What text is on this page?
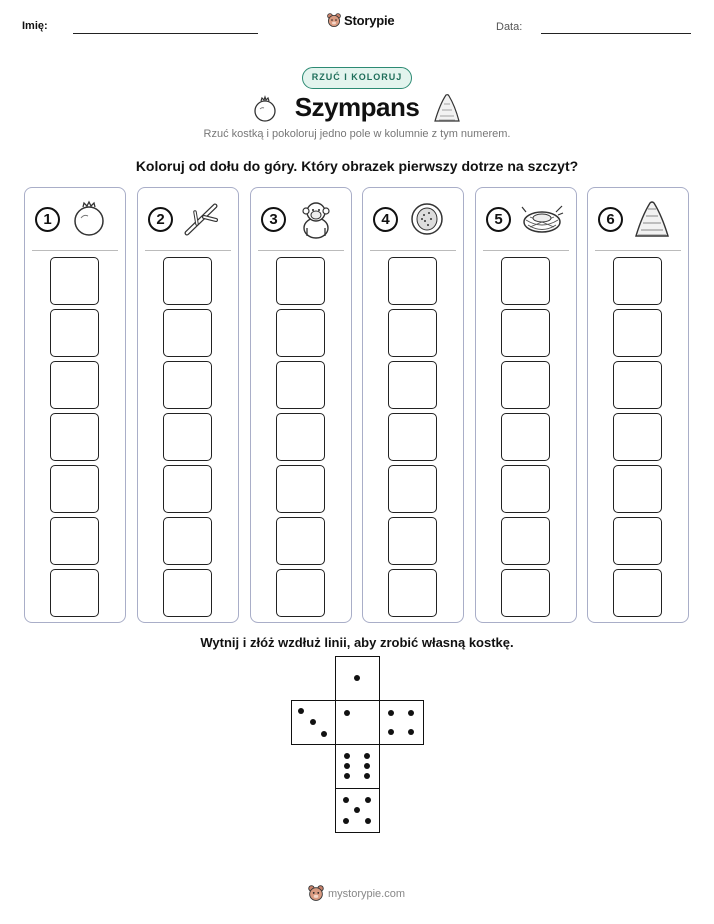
Imię:	Storypie	Data:
RZUĆ I KOLORUJ
Szympans
Rzuć kostką i pokoloruj jedno pole w kolumnie z tym numerem.
Koloruj od dołu do góry. Który obrazek pierwszy dotrze na szczyt?
1	2	3	4	5	6
Wytnij i złóż wzdłuż linii, aby zrobić własną kostkę.
mystorypie.com
